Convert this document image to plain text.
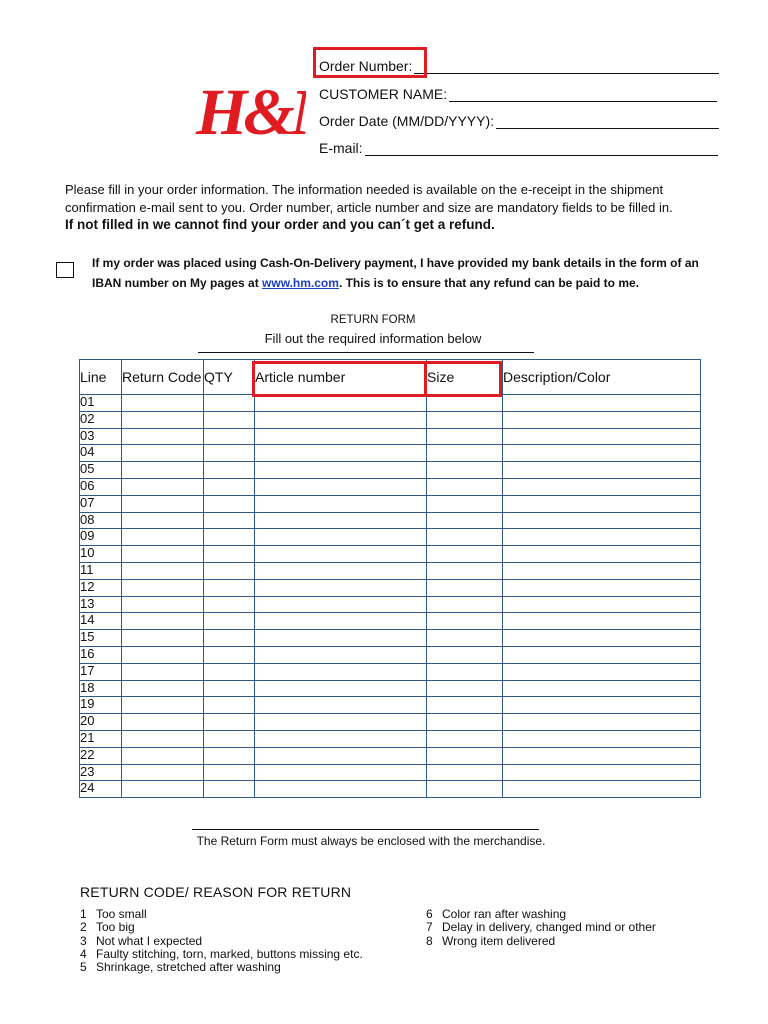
H&
Order Number:
CUSTOMER NAME:
Order Date (MM/DD/YYYY):
E-mail:
Please fill in your order information. The information needed is available on the e-receipt in the shipment confirmation e-mail sent to you. Order number, article number and size are mandatory fields to be filled in.
If not filled in we cannot find your order and you can´t get a refund.
If my order was placed using Cash-On-Delivery payment, I have provided my bank details in the form of an IBAN number on My pages at www.hm.com. This is to ensure that any refund can be paid to me.
RETURN FORM
Fill out the required information below
Line	Return Code	QTY	Article number	Size	Description/Color
01					
02					
03					
04					
05					
06					
07					
08					
09					
10					
11					
12					
13					
14					
15					
16					
17					
18					
19					
20					
21					
22					
23					
24					
The Return Form must always be enclosed with the merchandise.
RETURN CODE/ REASON FOR RETURN
1 Too small
2 Too big
3 Not what I expected
4 Faulty stitching, torn, marked, buttons missing etc.
5 Shrinkage, stretched after washing
6 Color ran after washing
7 Delay in delivery, changed mind or other
8 Wrong item delivered
